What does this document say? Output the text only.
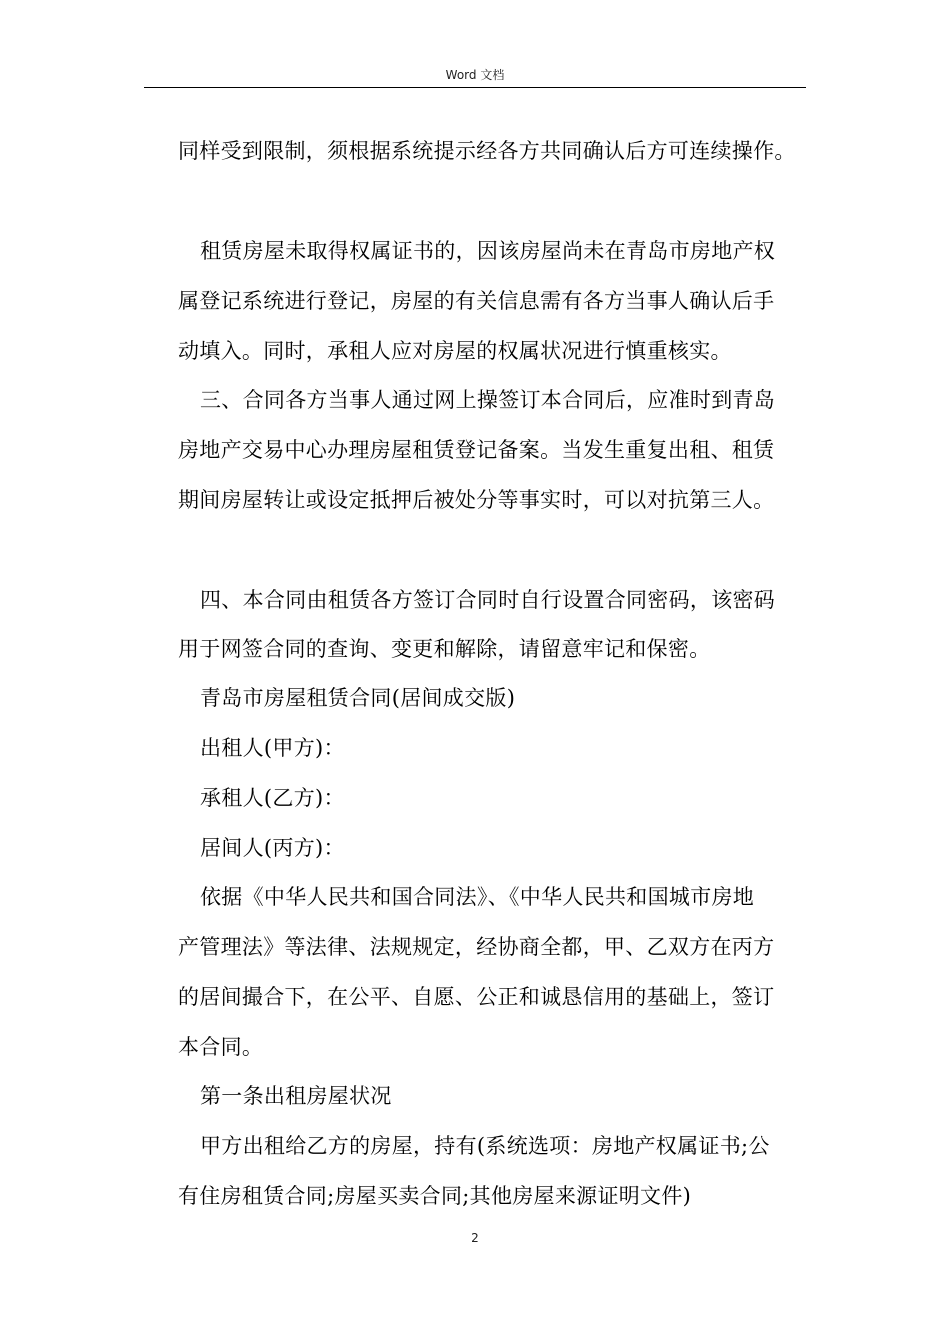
Word 文档
同样受到限制，须根据系统提示经各方共同确认后方可连续操作。
租赁房屋未取得权属证书的，因该房屋尚未在青岛市房地产权
属登记系统进行登记，房屋的有关信息需有各方当事人确认后手
动填入。同时，承租人应对房屋的权属状况进行慎重核实。
三、合同各方当事人通过网上操签订本合同后，应准时到青岛
房地产交易中心办理房屋租赁登记备案。当发生重复出租、租赁
期间房屋转让或设定抵押后被处分等事实时，可以对抗第三人。
四、本合同由租赁各方签订合同时自行设置合同密码，该密码
用于网签合同的查询、变更和解除，请留意牢记和保密。
青岛市房屋租赁合同(居间成交版)
出租人(甲方)：
承租人(乙方)：
居间人(丙方)：
依据《中华人民共和国合同法》、《中华人民共和国城市房地
产管理法》等法律、法规规定，经协商全都，甲、乙双方在丙方
的居间撮合下，在公平、自愿、公正和诚恳信用的基础上，签订
本合同。
第一条出租房屋状况
甲方出租给乙方的房屋，持有(系统选项：房地产权属证书;公
有住房租赁合同;房屋买卖合同;其他房屋来源证明文件)
2
